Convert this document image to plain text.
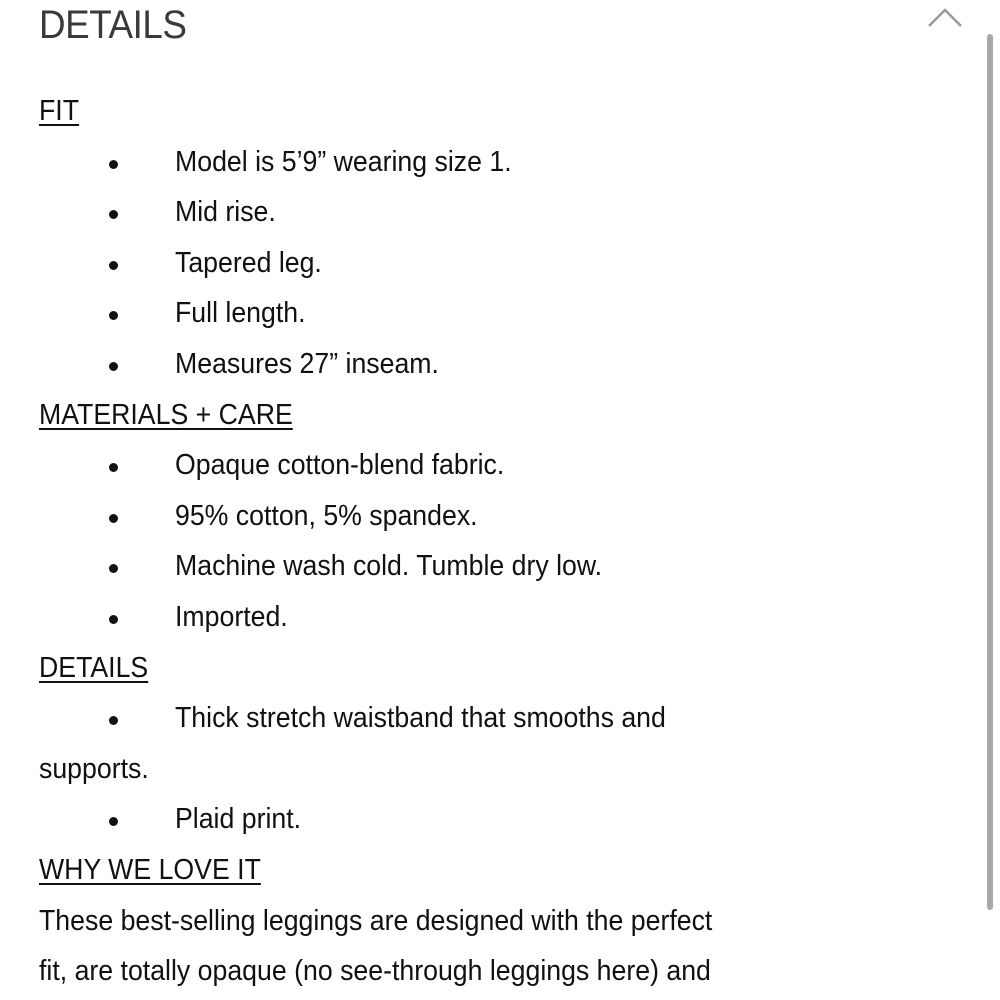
DETAILS
FIT
Model is 5’9” wearing size 1.
Mid rise.
Tapered leg.
Full length.
Measures 27” inseam.
MATERIALS + CARE
Opaque cotton-blend fabric.
95% cotton, 5% spandex.
Machine wash cold. Tumble dry low.
Imported.
DETAILS
Thick stretch waistband that smooths and
supports.
Plaid print.
WHY WE LOVE IT
These best-selling leggings are designed with the perfect
fit, are totally opaque (no see-through leggings here) and
